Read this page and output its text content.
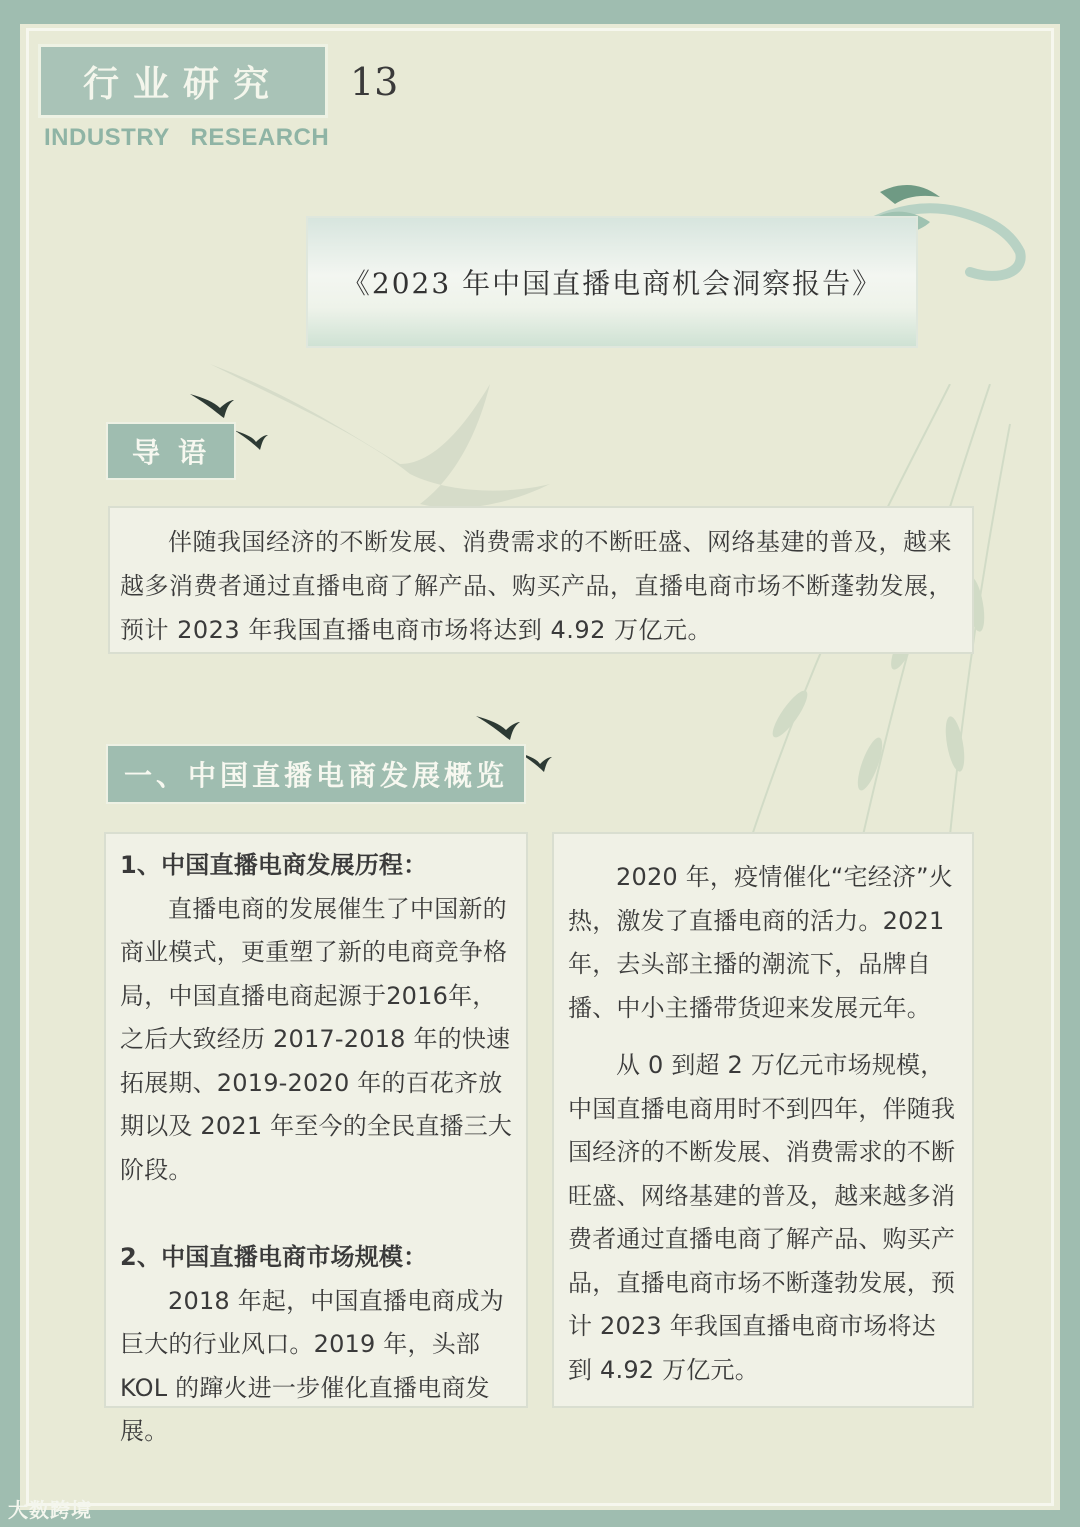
行业研究 13
INDUSTRY RESEARCH
《2023 年中国直播电商机会洞察报告》
导语

伴随我国经济的不断发展、消费需求的不断旺盛、网络基建的普及，越来越多消费者通过直播电商了解产品、购买产品，直播电商市场不断蓬勃发展，预计 2023 年我国直播电商市场将达到 4.92 万亿元。

一、中国直播电商发展概览

1、中国直播电商发展历程：

直播电商的发展催生了中国新的商业模式，更重塑了新的电商竞争格局，中国直播电商起源于2016年，之后大致经历 2017-2018 年的快速拓展期、2019-2020 年的百花齐放期以及 2021 年至今的全民直播三大阶段。

2、中国直播电商市场规模：

2018 年起，中国直播电商成为巨大的行业风口。2019 年，头部 KOL 的蹿火进一步催化直播电商发展。

2020 年，疫情催化“宅经济”火热，激发了直播电商的活力。2021 年，去头部主播的潮流下，品牌自播、中小主播带货迎来发展元年。

从 0 到超 2 万亿元市场规模，中国直播电商用时不到四年，伴随我国经济的不断发展、消费需求的不断旺盛、网络基建的普及，越来越多消费者通过直播电商了解产品、购买产品，直播电商市场不断蓬勃发展，预计 2023 年我国直播电商市场将达到 4.92 万亿元。

大数跨境
